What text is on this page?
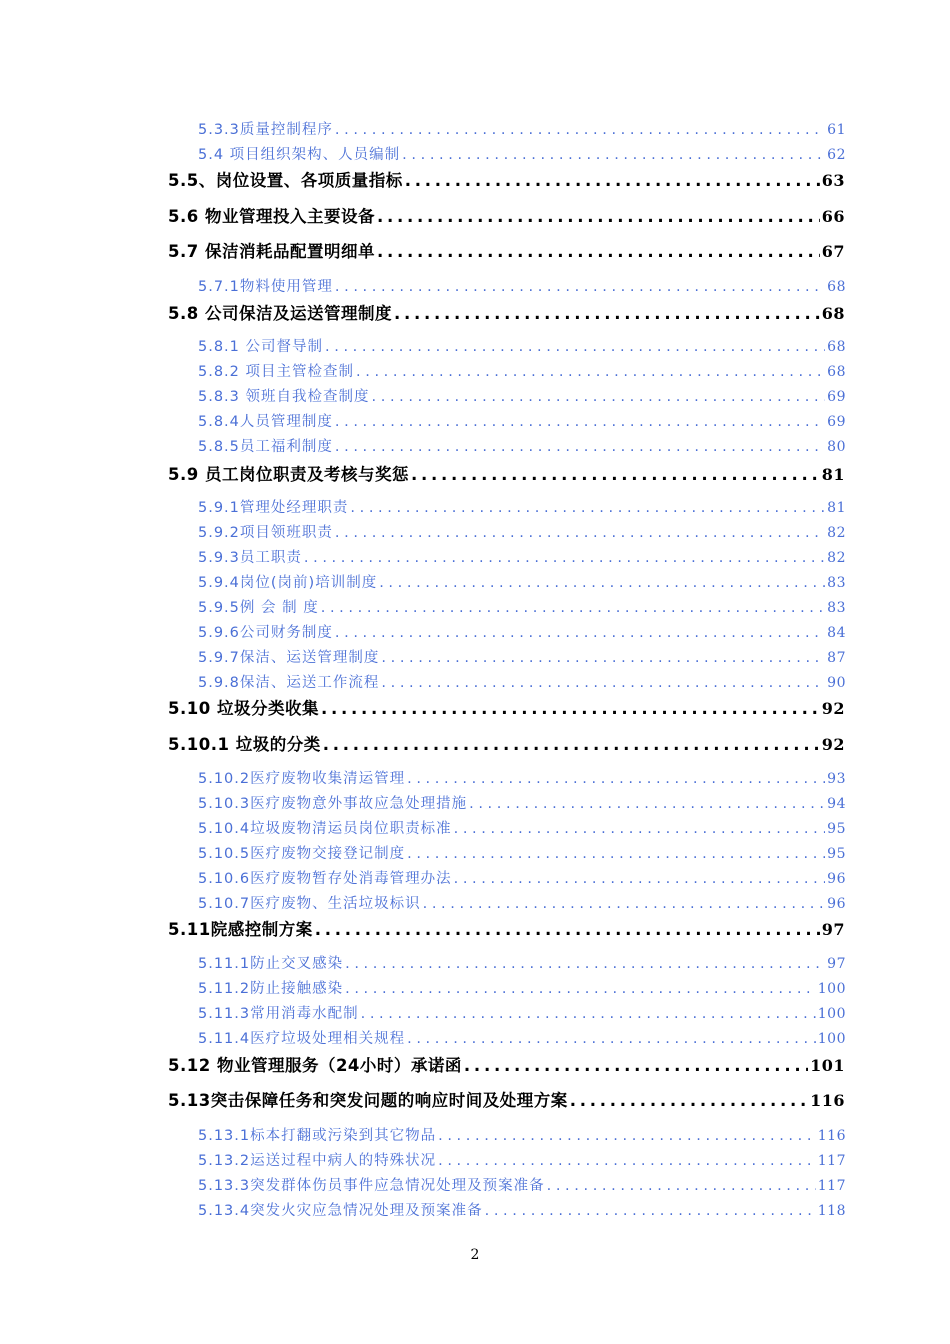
5.3.3质量控制程序 . . .	61
5.4 项目组织架构、人员编制 . . .	62
5.5、岗位设置、各项质量指标 . . .	63
5.6 物业管理投入主要设备 . . .	66
5.7 保洁消耗品配置明细单 . . .	67
5.7.1物料使用管理 . . .	68
5.8 公司保洁及运送管理制度 . . .	68
5.8.1 公司督导制 . . .	68
5.8.2 项目主管检查制 . . .	68
5.8.3 领班自我检查制度 . . .	69
5.8.4人员管理制度 . . .	69
5.8.5员工福利制度 . . .	80
5.9 员工岗位职责及考核与奖惩 . . .	81
5.9.1管理处经理职责 . . .	81
5.9.2项目领班职责 . . .	82
5.9.3员工职责 . . .	82
5.9.4岗位(岗前)培训制度 . . .	83
5.9.5例 会 制 度 . . .	83
5.9.6公司财务制度 . . .	84
5.9.7保洁、运送管理制度 . . .	87
5.9.8保洁、运送工作流程 . . .	90
5.10 垃圾分类收集 . . .	92
5.10.1 垃圾的分类 . . .	92
5.10.2医疗废物收集清运管理 . . .	93
5.10.3医疗废物意外事故应急处理措施 . . .	94
5.10.4垃圾废物清运员岗位职责标准 . . .	95
5.10.5医疗废物交接登记制度 . . .	95
5.10.6医疗废物暂存处消毒管理办法 . . .	96
5.10.7医疗废物、生活垃圾标识 . . .	96
5.11院感控制方案 . . .	97
5.11.1防止交叉感染 . . .	97
5.11.2防止接触感染 . . .	100
5.11.3常用消毒水配制 . . .	100
5.11.4医疗垃圾处理相关规程 . . .	100
5.12 物业管理服务（24小时）承诺函 . . .	101
5.13突击保障任务和突发问题的响应时间及处理方案 . . .	116
5.13.1标本打翻或污染到其它物品 . . .	116
5.13.2运送过程中病人的特殊状况 . . .	117
5.13.3突发群体伤员事件应急情况处理及预案准备 . . .	117
5.13.4突发火灾应急情况处理及预案准备 . . .	118
2
